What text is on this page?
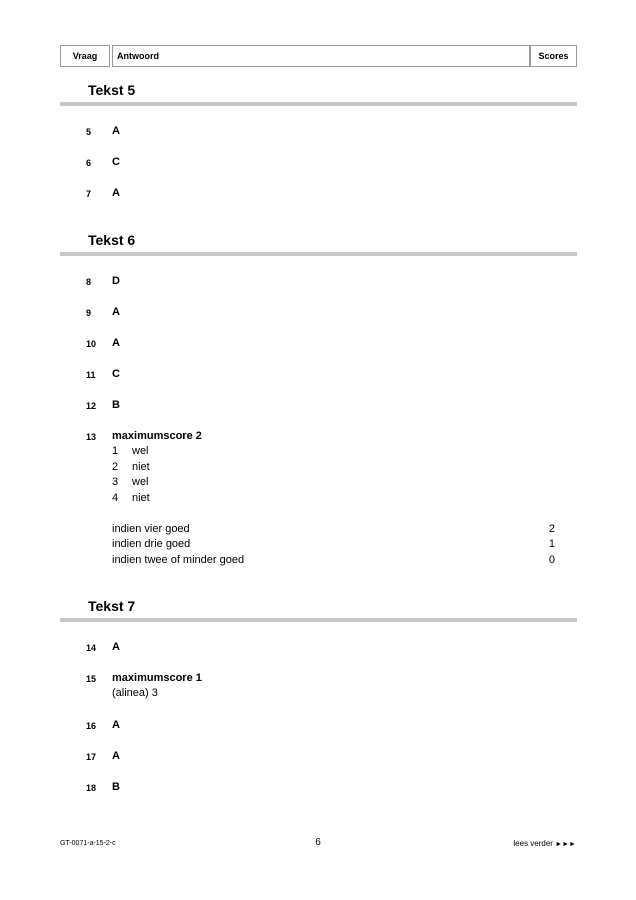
Vraag	Antwoord	Scores
Tekst 5
5	A
6	C
7	A
Tekst 6
8	D
9	A
10	A
11	C
12	B
13	maximumscore 2
1 wel
2 niet
3 wel
4 niet
indien vier goed	2
indien drie goed	1
indien twee of minder goed	0
Tekst 7
14	A
15	maximumscore 1
(alinea) 3
16	A
17	A
18	B
GT-0071-a-15-2-c	6	lees verder ►►►
